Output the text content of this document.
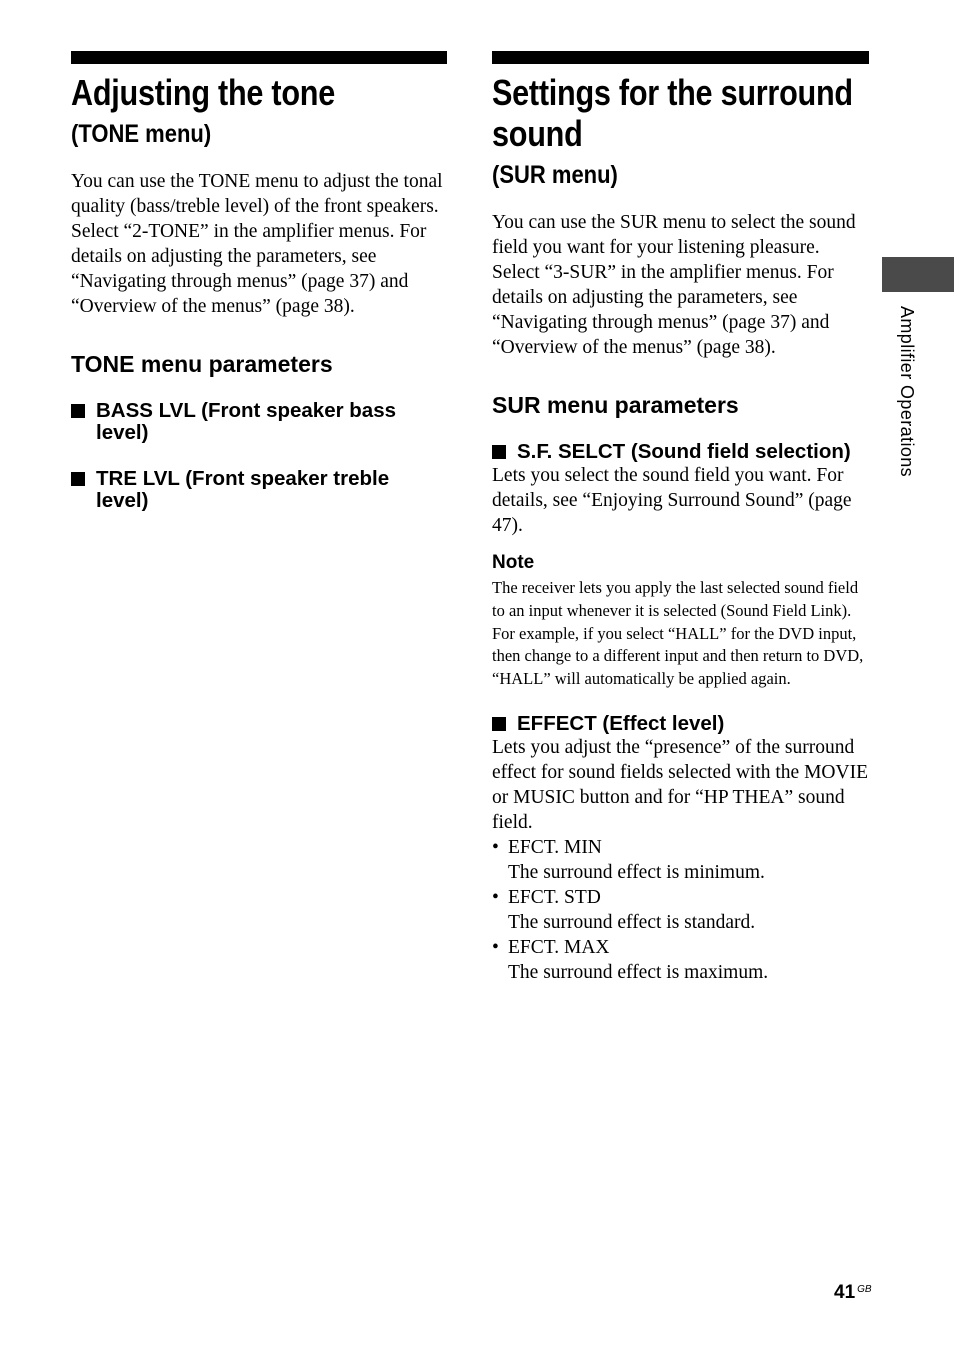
Adjusting the tone
(TONE menu)

You can use the TONE menu to adjust the tonal quality (bass/treble level) of the front speakers.

Select “2-TONE” in the amplifier menus. For details on adjusting the parameters, see “Navigating through menus” (page 37) and “Overview of the menus” (page 38).

TONE menu parameters
BASS LVL (Front speaker bass level)
TRE LVL (Front speaker treble level)
Settings for the surround sound
(SUR menu)

You can use the SUR menu to select the sound field you want for your listening pleasure. Select “3-SUR” in the amplifier menus. For details on adjusting the parameters, see “Navigating through menus” (page 37) and “Overview of the menus” (page 38).

SUR menu parameters
S.F. SELCT (Sound field selection)

Lets you select the sound field you want. For details, see “Enjoying Surround Sound” (page 47).

Note

The receiver lets you apply the last selected sound field to an input whenever it is selected (Sound Field Link). For example, if you select “HALL” for the DVD input, then change to a different input and then return to DVD, “HALL” will automatically be applied again.

EFFECT (Effect level)

Lets you adjust the “presence” of the surround effect for sound fields selected with the MOVIE or MUSIC button and for “HP THEA” sound field.

• EFCT. MIN
The surround effect is minimum.
• EFCT. STD
The surround effect is standard.
• EFCT. MAX
The surround effect is maximum.
Amplifier Operations
41 $^{GB}$
